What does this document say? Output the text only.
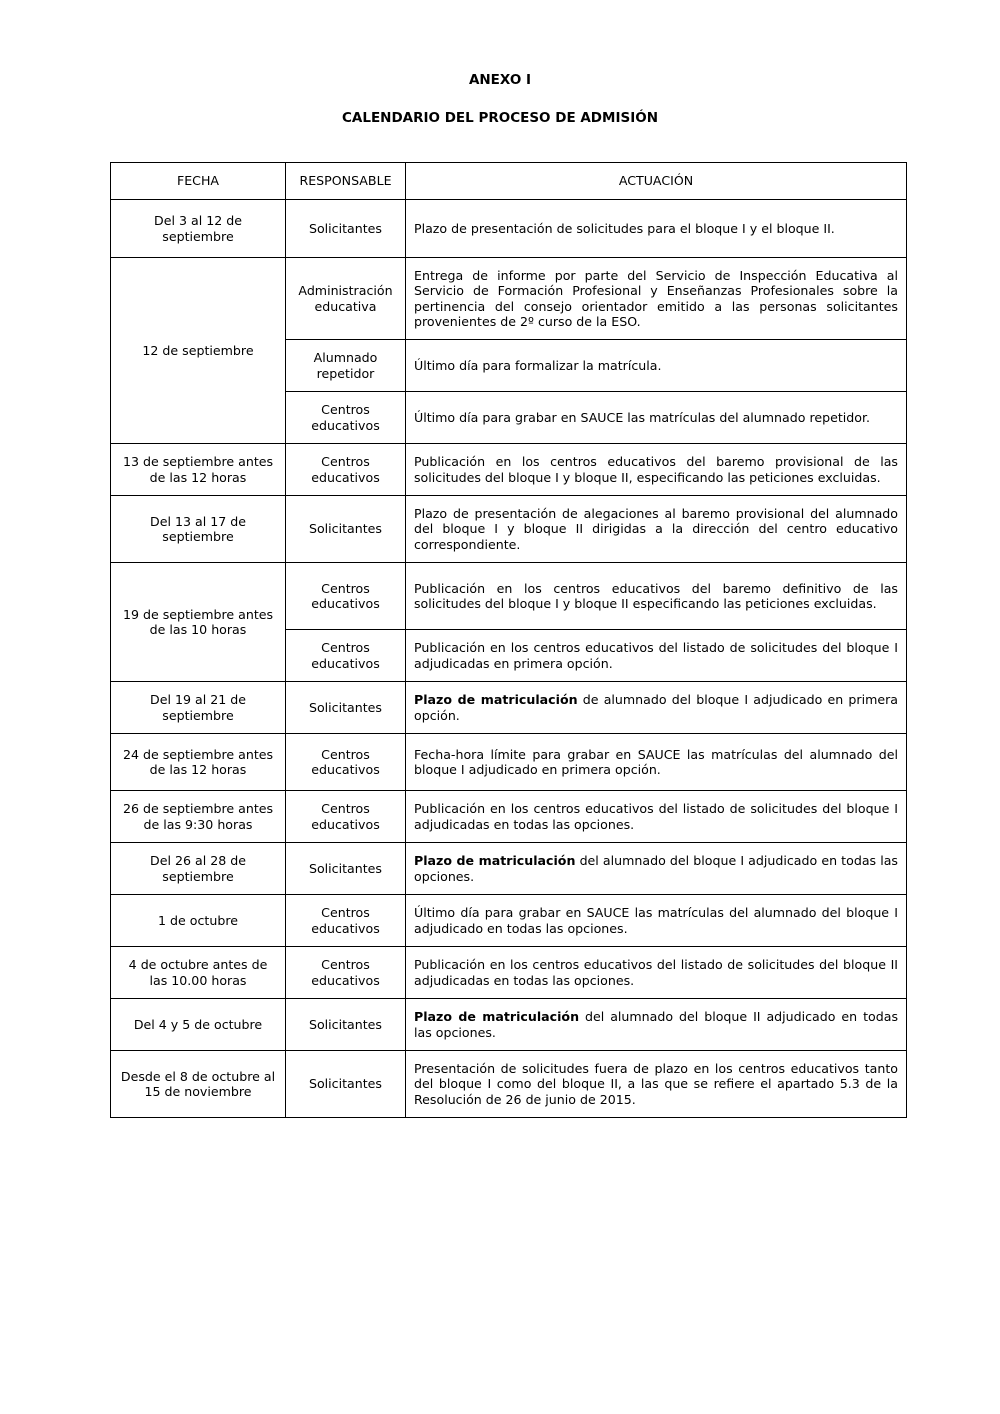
ANEXO I
CALENDARIO DEL PROCESO DE ADMISIÓN
FECHA	RESPONSABLE	ACTUACIÓN
Del 3 al 12 de septiembre	Solicitantes	Plazo de presentación de solicitudes para el bloque I y el bloque II.
12 de septiembre	Administración educativa	Entrega de informe por parte del Servicio de Inspección Educativa al Servicio de Formación Profesional y Enseñanzas Profesionales sobre la pertinencia del consejo orientador emitido a las personas solicitantes provenientes de 2º curso de la ESO.
	Alumnado repetidor	Último día para formalizar la matrícula.
	Centros educativos	Último día para grabar en SAUCE las matrículas del alumnado repetidor.
13 de septiembre antes de las 12 horas	Centros educativos	Publicación en los centros educativos del baremo provisional de las solicitudes del bloque I y bloque II, especificando las peticiones excluidas.
Del 13 al 17 de septiembre	Solicitantes	Plazo de presentación de alegaciones al baremo provisional del alumnado del bloque I y bloque II dirigidas a la dirección del centro educativo correspondiente.
19 de septiembre antes de las 10 horas	Centros educativos	Publicación en los centros educativos del baremo definitivo de las solicitudes del bloque I y bloque II especificando las peticiones excluidas.
	Centros educativos	Publicación en los centros educativos del listado de solicitudes del bloque I adjudicadas en primera opción.
Del 19 al 21 de septiembre	Solicitantes	Plazo de matriculación de alumnado del bloque I adjudicado en primera opción.
24 de septiembre antes de las 12 horas	Centros educativos	Fecha-hora límite para grabar en SAUCE las matrículas del alumnado del bloque I adjudicado en primera opción.
26 de septiembre antes de las 9:30 horas	Centros educativos	Publicación en los centros educativos del listado de solicitudes del bloque I adjudicadas en todas las opciones.
Del 26 al 28 de septiembre	Solicitantes	Plazo de matriculación del alumnado del bloque I adjudicado en todas las opciones.
1 de octubre	Centros educativos	Último día para grabar en SAUCE las matrículas del alumnado del bloque I adjudicado en todas las opciones.
4 de octubre antes de las 10.00 horas	Centros educativos	Publicación en los centros educativos del listado de solicitudes del bloque II adjudicadas en todas las opciones.
Del 4 y 5 de octubre	Solicitantes	Plazo de matriculación del alumnado del bloque II adjudicado en todas las opciones.
Desde el 8 de octubre al 15 de noviembre	Solicitantes	Presentación de solicitudes fuera de plazo en los centros educativos tanto del bloque I como del bloque II, a las que se refiere el apartado 5.3 de la Resolución de 26 de junio de 2015.
